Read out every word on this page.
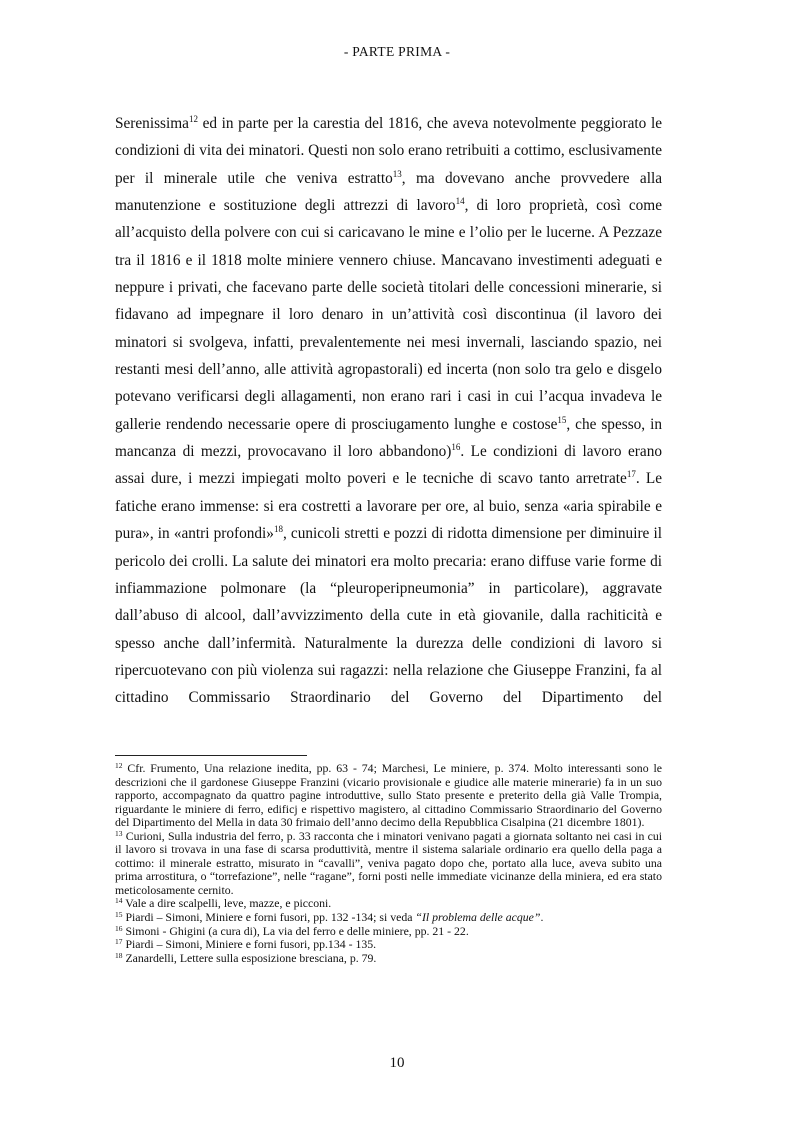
- PARTE PRIMA -

Serenissima$^{12}$ ed in parte per la carestia del 1816, che aveva notevolmente peggiorato le condizioni di vita dei minatori. Questi non solo erano retribuiti a cottimo, esclusivamente per il minerale utile che veniva estratto$^{13}$, ma dovevano anche provvedere alla manutenzione e sostituzione degli attrezzi di lavoro$^{14}$, di loro proprietà, così come all’acquisto della polvere con cui si caricavano le mine e l’olio per le lucerne. A Pezzaze tra il 1816 e il 1818 molte miniere vennero chiuse. Mancavano investimenti adeguati e neppure i privati, che facevano parte delle società titolari delle concessioni minerarie, si fidavano ad impegnare il loro denaro in un’attività così discontinua (il lavoro dei minatori si svolgeva, infatti, prevalentemente nei mesi invernali, lasciando spazio, nei restanti mesi dell’anno, alle attività agropastorali) ed incerta (non solo tra gelo e disgelo potevano verificarsi degli allagamenti, non erano rari i casi in cui l’acqua invadeva le gallerie rendendo necessarie opere di prosciugamento lunghe e costose$^{15}$, che spesso, in mancanza di mezzi, provocavano il loro abbandono)$^{16}$. Le condizioni di lavoro erano assai dure, i mezzi impiegati molto poveri e le tecniche di scavo tanto arretrate$^{17}$. Le fatiche erano immense: si era costretti a lavorare per ore, al buio, senza «aria spirabile e pura», in «antri profondi»$^{18}$, cunicoli stretti e pozzi di ridotta dimensione per diminuire il pericolo dei crolli. La salute dei minatori era molto precaria: erano diffuse varie forme di infiammazione polmonare (la “pleuroperipneumonia” in particolare), aggravate dall’abuso di alcool, dall’avvizzimento della cute in età giovanile, dalla rachiticità e spesso anche dall’infermità. Naturalmente la durezza delle condizioni di lavoro si ripercuotevano con più violenza sui ragazzi: nella relazione che Giuseppe Franzini, fa al cittadino Commissario Straordinario del Governo del Dipartimento del

$^{12}$ Cfr. Frumento, Una relazione inedita, pp. 63 - 74; Marchesi, Le miniere, p. 374. Molto interessanti sono le descrizioni che il gardonese Giuseppe Franzini (vicario provisionale e giudice alle materie minerarie) fa in un suo rapporto, accompagnato da quattro pagine introduttive, sullo Stato presente e preterito della già Valle Trompia, riguardante le miniere di ferro, edificj e rispettivo magistero, al cittadino Commissario Straordinario del Governo del Dipartimento del Mella in data 30 frimaio dell’anno decimo della Repubblica Cisalpina (21 dicembre 1801).

$^{13}$ Curioni, Sulla industria del ferro, p. 33 racconta che i minatori venivano pagati a giornata soltanto nei casi in cui il lavoro si trovava in una fase di scarsa produttività, mentre il sistema salariale ordinario era quello della paga a cottimo: il minerale estratto, misurato in “cavalli”, veniva pagato dopo che, portato alla luce, aveva subito una prima arrostitura, o “torrefazione”, nelle “ragane”, forni posti nelle immediate vicinanze della miniera, ed era stato meticolosamente cernito.

$^{14}$ Vale a dire scalpelli, leve, mazze, e picconi.

$^{15}$ Piardi – Simoni, Miniere e forni fusori, pp. 132 -134; si veda “Il problema delle acque”.

$^{16}$ Simoni - Ghigini (a cura di), La via del ferro e delle miniere, pp. 21 - 22.

$^{17}$ Piardi – Simoni, Miniere e forni fusori, pp.134 - 135.

$^{18}$ Zanardelli, Lettere sulla esposizione bresciana, p. 79.

10
